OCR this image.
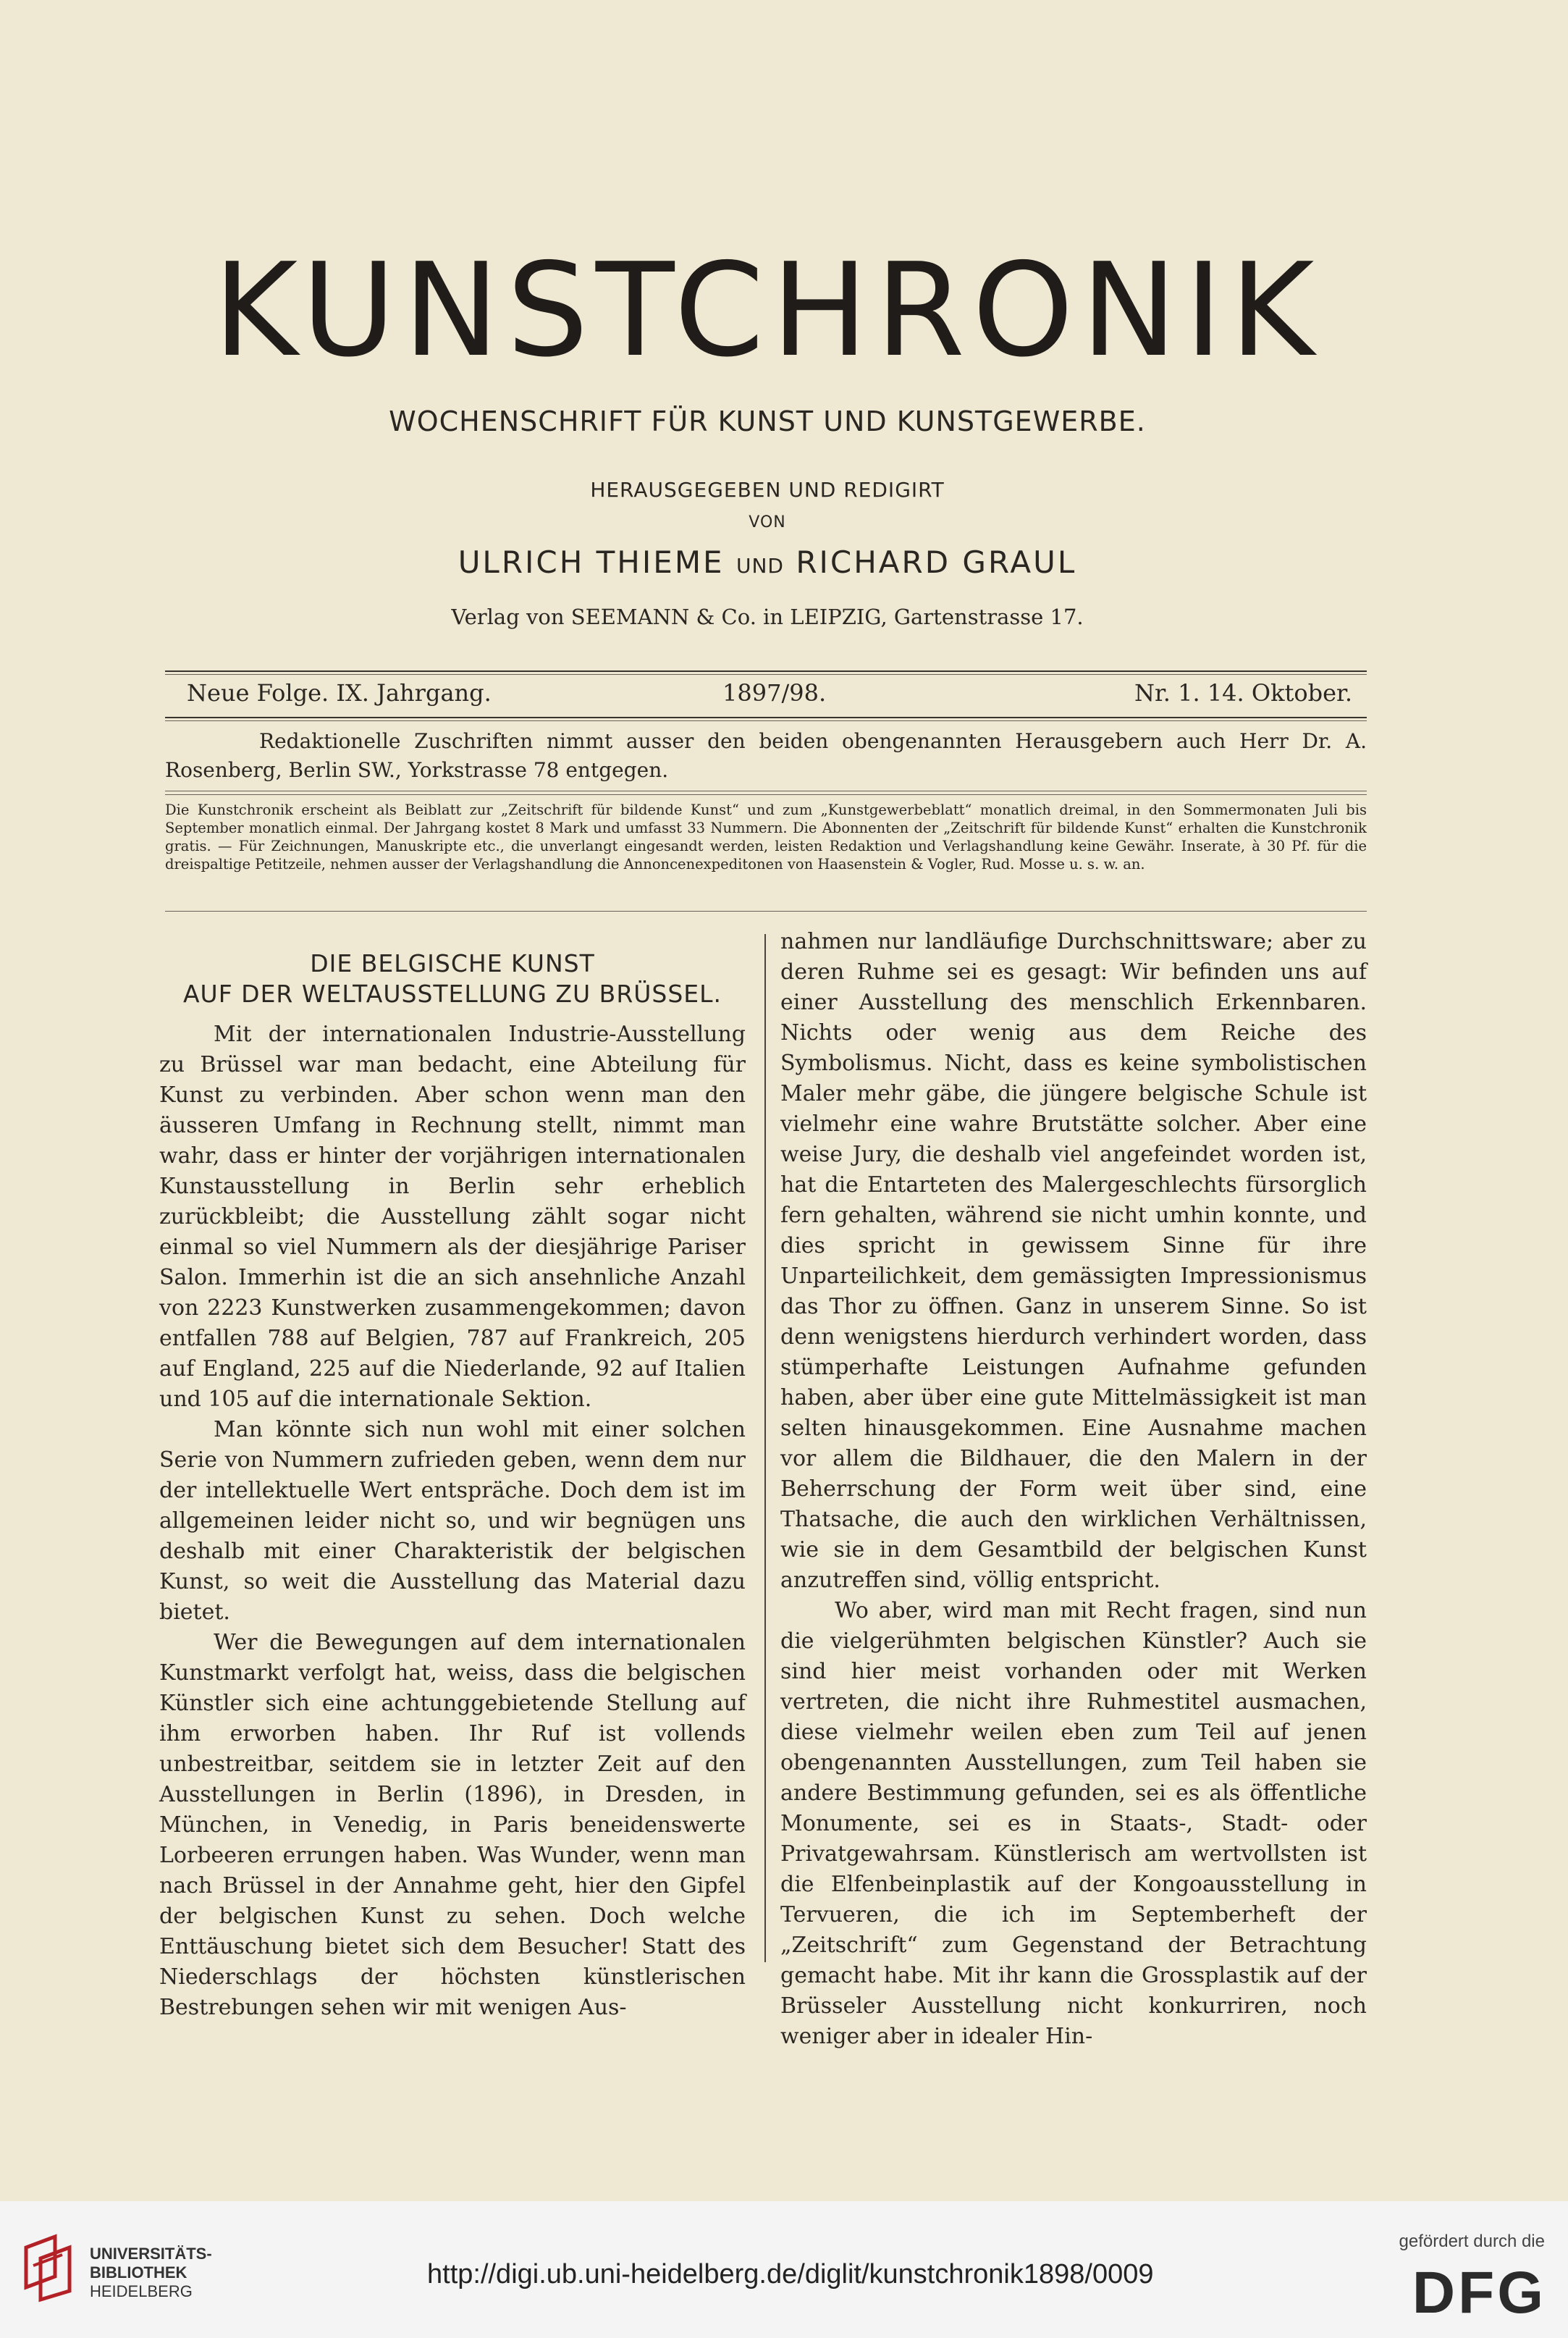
KUNSTCHRONIK
WOCHENSCHRIFT FÜR KUNST UND KUNSTGEWERBE.
HERAUSGEGEBEN UND REDIGIRT
VON
ULRICH THIEME UND RICHARD GRAUL
Verlag von SEEMANN & Co. in LEIPZIG, Gartenstrasse 17.
Neue Folge. IX. Jahrgang.	1897/98.	Nr. 1. 14. Oktober.
Redaktionelle Zuschriften nimmt ausser den beiden obengenannten Herausgebern auch Herr Dr. A. Rosenberg, Berlin SW., Yorkstrasse 78 entgegen.
Die Kunstchronik erscheint als Beiblatt zur „Zeitschrift für bildende Kunst“ und zum „Kunstgewerbeblatt“ monatlich dreimal, in den Sommermonaten Juli bis September monatlich einmal. Der Jahrgang kostet 8 Mark und umfasst 33 Nummern. Die Abonnenten der „Zeitschrift für bildende Kunst“ erhalten die Kunstchronik gratis. — Für Zeichnungen, Manuskripte etc., die unverlangt eingesandt werden, leisten Redaktion und Verlagshandlung keine Gewähr. Inserate, à 30 Pf. für die dreispaltige Petitzeile, nehmen ausser der Verlagshandlung die Annoncenexpeditonen von Haasenstein & Vogler, Rud. Mosse u. s. w. an.
DIE BELGISCHE KUNST
AUF DER WELTAUSSTELLUNG ZU BRÜSSEL.

Mit der internationalen Industrie-Ausstellung zu Brüssel war man bedacht, eine Abteilung für Kunst zu verbinden. Aber schon wenn man den äusseren Umfang in Rechnung stellt, nimmt man wahr, dass er hinter der vorjährigen internationalen Kunstausstellung in Berlin sehr erheblich zurückbleibt; die Ausstellung zählt sogar nicht einmal so viel Nummern als der diesjährige Pariser Salon. Immerhin ist die an sich ansehnliche Anzahl von 2223 Kunstwerken zusammengekommen; davon entfallen 788 auf Belgien, 787 auf Frankreich, 205 auf England, 225 auf die Niederlande, 92 auf Italien und 105 auf die internationale Sektion.

Man könnte sich nun wohl mit einer solchen Serie von Nummern zufrieden geben, wenn dem nur der intellektuelle Wert entspräche. Doch dem ist im allgemeinen leider nicht so, und wir begnügen uns deshalb mit einer Charakteristik der belgischen Kunst, so weit die Ausstellung das Material dazu bietet.

Wer die Bewegungen auf dem internationalen Kunstmarkt verfolgt hat, weiss, dass die belgischen Künstler sich eine achtunggebietende Stellung auf ihm erworben haben. Ihr Ruf ist vollends unbestreitbar, seitdem sie in letzter Zeit auf den Ausstellungen in Berlin (1896), in Dresden, in München, in Venedig, in Paris beneidenswerte Lorbeeren errungen haben. Was Wunder, wenn man nach Brüssel in der Annahme geht, hier den Gipfel der belgischen Kunst zu sehen. Doch welche Enttäuschung bietet sich dem Besucher! Statt des Niederschlags der höchsten künstlerischen Bestrebungen sehen wir mit wenigen Aus-

nahmen nur landläufige Durchschnittsware; aber zu deren Ruhme sei es gesagt: Wir befinden uns auf einer Ausstellung des menschlich Erkennbaren. Nichts oder wenig aus dem Reiche des Symbolismus. Nicht, dass es keine symbolistischen Maler mehr gäbe, die jüngere belgische Schule ist vielmehr eine wahre Brutstätte solcher. Aber eine weise Jury, die deshalb viel angefeindet worden ist, hat die Entarteten des Malergeschlechts fürsorglich fern gehalten, während sie nicht umhin konnte, und dies spricht in gewissem Sinne für ihre Unparteilichkeit, dem gemässigten Impressionismus das Thor zu öffnen. Ganz in unserem Sinne. So ist denn wenigstens hierdurch verhindert worden, dass stümperhafte Leistungen Aufnahme gefunden haben, aber über eine gute Mittelmässigkeit ist man selten hinausgekommen. Eine Ausnahme machen vor allem die Bildhauer, die den Malern in der Beherrschung der Form weit über sind, eine Thatsache, die auch den wirklichen Verhältnissen, wie sie in dem Gesamtbild der belgischen Kunst anzutreffen sind, völlig entspricht.

Wo aber, wird man mit Recht fragen, sind nun die vielgerühmten belgischen Künstler? Auch sie sind hier meist vorhanden oder mit Werken vertreten, die nicht ihre Ruhmestitel ausmachen, diese vielmehr weilen eben zum Teil auf jenen obengenannten Ausstellungen, zum Teil haben sie andere Bestimmung gefunden, sei es als öffentliche Monumente, sei es in Staats-, Stadt- oder Privatgewahrsam. Künstlerisch am wertvollsten ist die Elfenbeinplastik auf der Kongoausstellung in Tervueren, die ich im Septemberheft der „Zeitschrift“ zum Gegenstand der Betrachtung gemacht habe. Mit ihr kann die Grossplastik auf der Brüsseler Ausstellung nicht konkurriren, noch weniger aber in idealer Hin-

UNIVERSITÄTS-
BIBLIOTHEK
HEIDELBERG
http://digi.ub.uni-heidelberg.de/diglit/kunstchronik1898/0009
gefördert durch die
DFG
